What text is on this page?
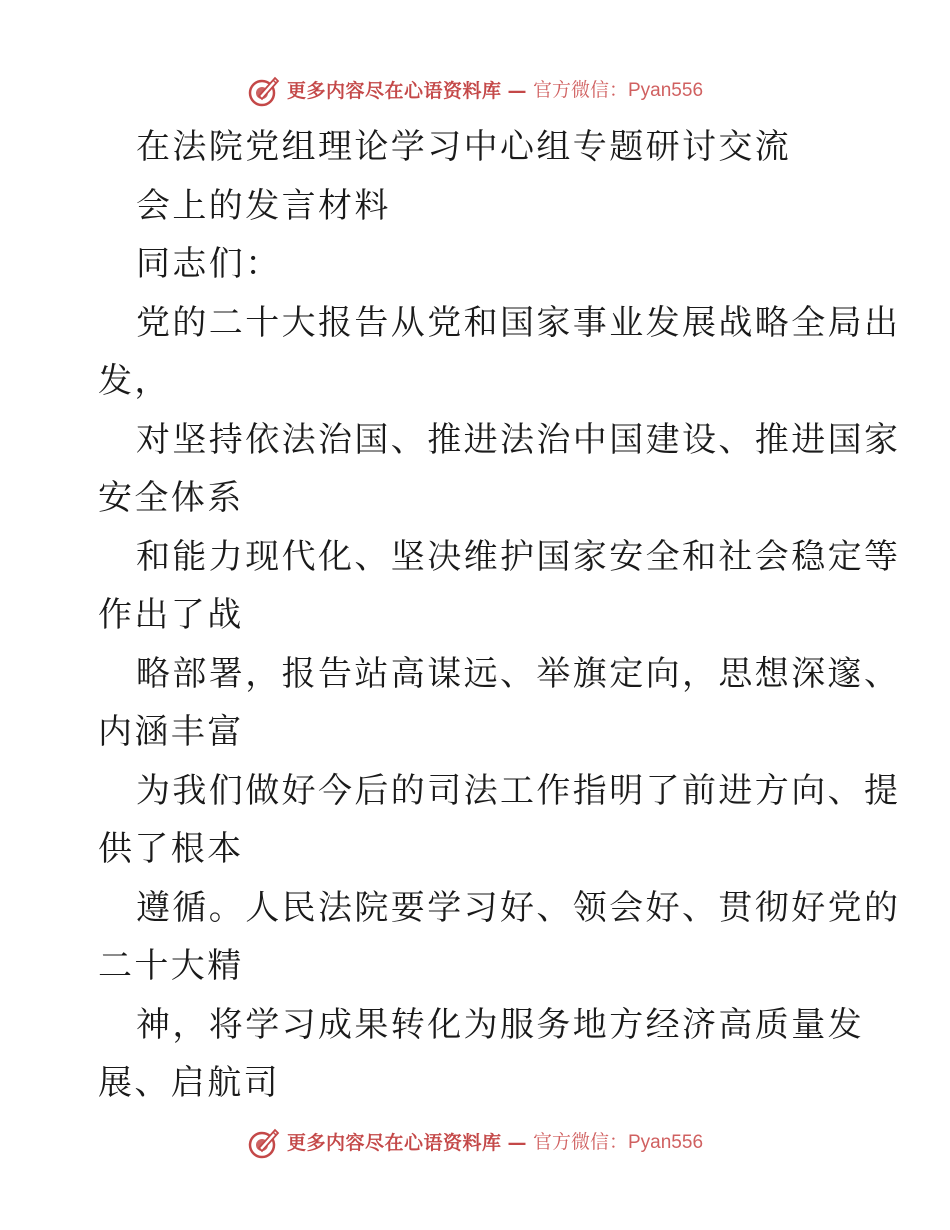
更多内容尽在心语资料库 — 官方微信：Pyan556
在法院党组理论学习中心组专题研讨交流
会上的发言材料
同志们：
党的二十大报告从党和国家事业发展战略全局出
发，
对坚持依法治国、推进法治中国建设、推进国家
安全体系
和能力现代化、坚决维护国家安全和社会稳定等
作出了战
略部署，报告站高谋远、举旗定向，思想深邃、
内涵丰富
为我们做好今后的司法工作指明了前进方向、提
供了根本
遵循。人民法院要学习好、领会好、贯彻好党的
二十大精
神，将学习成果转化为服务地方经济高质量发
展、启航司
更多内容尽在心语资料库 — 官方微信：Pyan556
